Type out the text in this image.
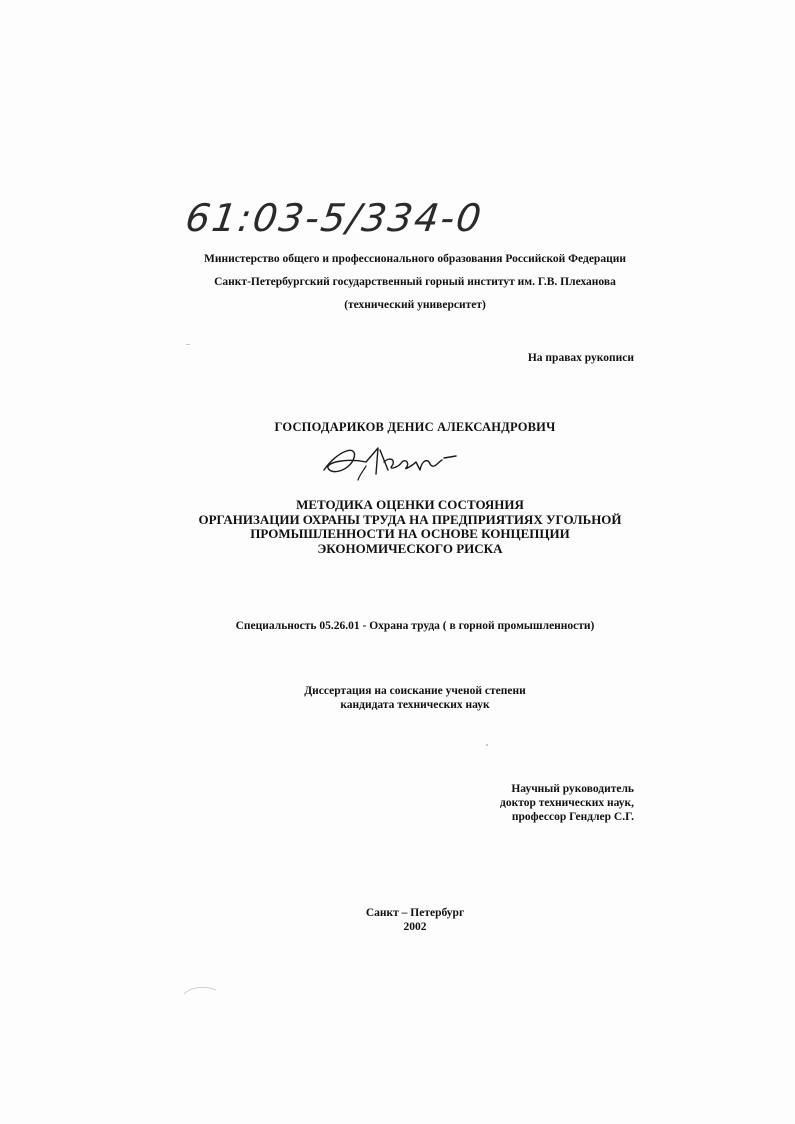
61:03-5/334-0
Министерство общего и профессионального образования Российской Федерации
Санкт-Петербургский государственный горный институт им. Г.В. Плеханова
(технический университет)
На правах рукописи
ГОСПОДАРИКОВ ДЕНИС АЛЕКСАНДРОВИЧ
МЕТОДИКА ОЦЕНКИ СОСТОЯНИЯ
ОРГАНИЗАЦИИ ОХРАНЫ ТРУДА НА ПРЕДПРИЯТИЯХ УГОЛЬНОЙ
ПРОМЫШЛЕННОСТИ НА ОСНОВЕ КОНЦЕПЦИИ
ЭКОНОМИЧЕСКОГО РИСКА
Специальность 05.26.01 - Охрана труда ( в горной промышленности)
Диссертация на соискание ученой степени
кандидата технических наук
Научный руководитель
доктор технических наук,
профессор Гендлер С.Г.
Санкт – Петербург
2002
